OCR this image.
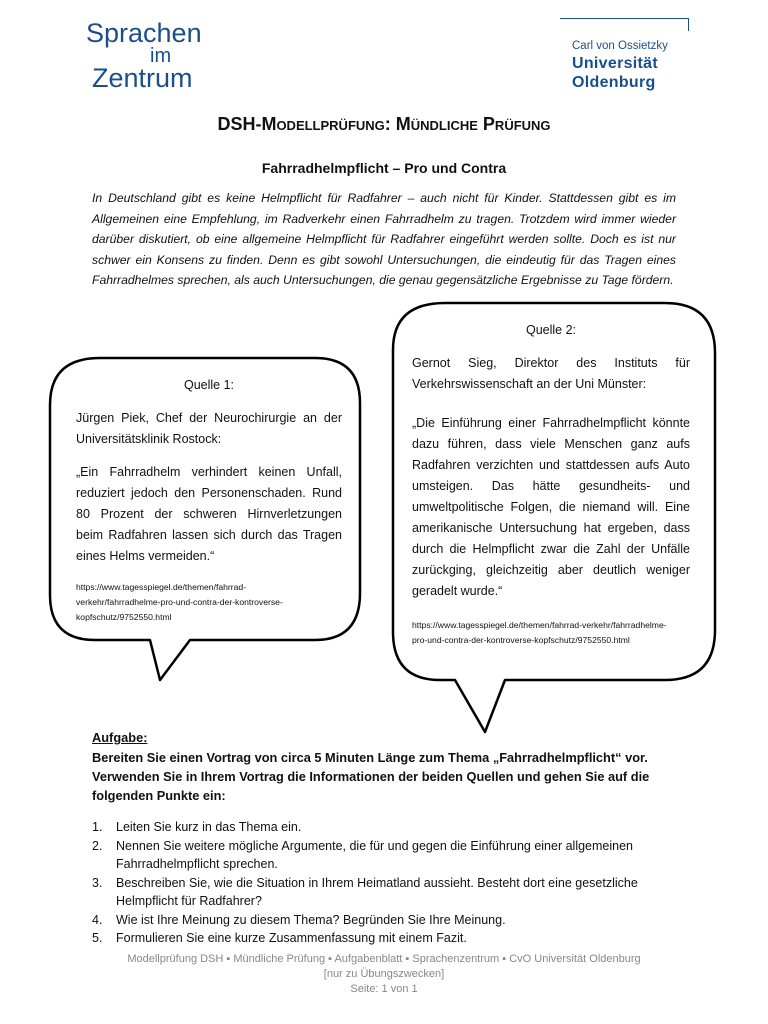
Sprachen
im
Zentrum
Carl von Ossietzky
Universität
Oldenburg
DSH-Modellprüfung: Mündliche Prüfung
Fahrradhelmpflicht – Pro und Contra
In Deutschland gibt es keine Helmpflicht für Radfahrer – auch nicht für Kinder. Stattdessen gibt es im Allgemeinen eine Empfehlung, im Radverkehr einen Fahrradhelm zu tragen. Trotzdem wird immer wieder darüber diskutiert, ob eine allgemeine Helmpflicht für Radfahrer eingeführt werden sollte. Doch es ist nur schwer ein Konsens zu finden. Denn es gibt sowohl Untersuchungen, die eindeutig für das Tragen eines Fahrradhelmes sprechen, als auch Untersuchungen, die genau gegensätzliche Ergebnisse zu Tage fördern.
Quelle 1:
Jürgen Piek, Chef der Neurochirurgie an der Universitätsklinik Rostock:
„Ein Fahrradhelm verhindert keinen Unfall, reduziert jedoch den Personenschaden. Rund 80 Prozent der schweren Hirnverletzungen beim Radfahren lassen sich durch das Tragen eines Helms vermeiden.“
https://www.tagesspiegel.de/themen/fahrrad-verkehr/fahrradhelme-pro-und-contra-der-kontroverse-kopfschutz/9752550.html
Quelle 2:
Gernot Sieg, Direktor des Instituts für Verkehrswissenschaft an der Uni Münster:
„Die Einführung einer Fahrradhelmpflicht könnte dazu führen, dass viele Menschen ganz aufs Radfahren verzichten und stattdessen aufs Auto umsteigen. Das hätte gesundheits- und umweltpolitische Folgen, die niemand will. Eine amerikanische Untersuchung hat ergeben, dass durch die Helmpflicht zwar die Zahl der Unfälle zurückging, gleichzeitig aber deutlich weniger geradelt wurde.“
https://www.tagesspiegel.de/themen/fahrrad-verkehr/fahrradhelme-pro-und-contra-der-kontroverse-kopfschutz/9752550.html
Aufgabe:
Bereiten Sie einen Vortrag von circa 5 Minuten Länge zum Thema „Fahrradhelmpflicht“ vor. Verwenden Sie in Ihrem Vortrag die Informationen der beiden Quellen und gehen Sie auf die folgenden Punkte ein:
1. Leiten Sie kurz in das Thema ein.
2. Nennen Sie weitere mögliche Argumente, die für und gegen die Einführung einer allgemeinen Fahrradhelmpflicht sprechen.
3. Beschreiben Sie, wie die Situation in Ihrem Heimatland aussieht. Besteht dort eine gesetzliche Helmpflicht für Radfahrer?
4. Wie ist Ihre Meinung zu diesem Thema? Begründen Sie Ihre Meinung.
5. Formulieren Sie eine kurze Zusammenfassung mit einem Fazit.
Modellprüfung DSH ▪ Mündliche Prüfung ▪ Aufgabenblatt ▪ Sprachenzentrum ▪ CvO Universität Oldenburg
[nur zu Übungszwecken]
Seite: 1 von 1
